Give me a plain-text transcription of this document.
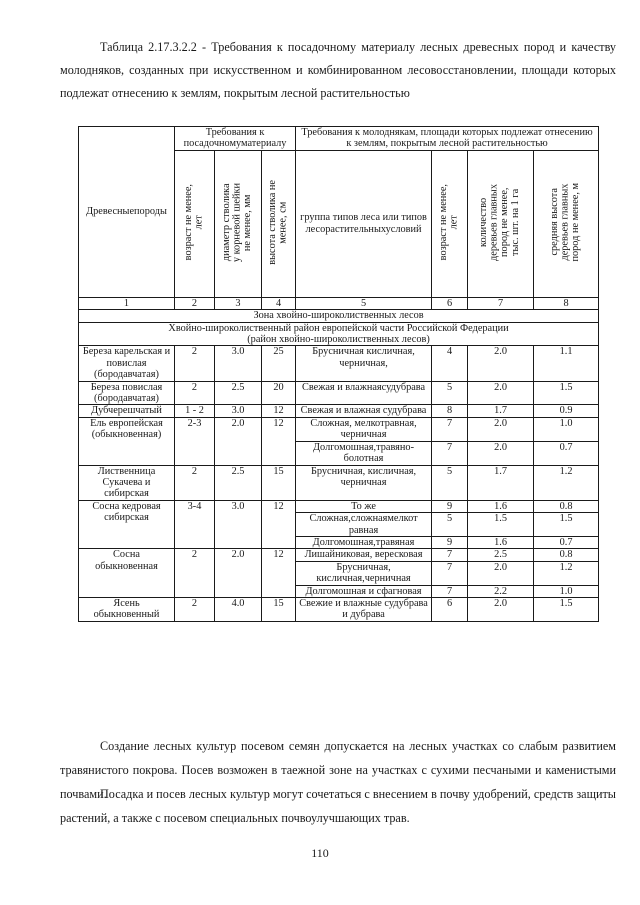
Таблица 2.17.3.2.2 - Требования к посадочному материалу лесных древесных пород и качеству молодняков, созданных при искусственном и комбинированном лесовосстановлении, площади которых подлежат отнесению к землям, покрытым лесной растительностью
Древесныепороды	Требования к посадочномуматериалу			Требования к молоднякам, площади которых подлежат отнесению к землям, покрытым лесной растительностью			
	возраст не менее,
лет	диаметр стволика
у корневой шейки
не менее, мм	высота стволика не
менее, см	группа типов леса или типов лесорастительныхусловий	возраст не менее,
лет	количество
деревьев главных
пород не менее,
тыс. шт. на 1 га	средняя высота
деревьев главных
пород не менее, м
1	2	3	4	5	6	7	8
Зона хвойно-широколиственных лесов							
Хвойно-широколиственный район европейской части Российской Федерации
(район хвойно-широколиственных лесов)							
Береза карельская и повислая (бородавчатая)	2	3.0	25	Брусничная кисличная, черничная,	4	2.0	1.1
Береза повислая (бородавчатая)	2	2.5	20	Свежая и влажнаясудубрава	5	2.0	1.5
Дубчерешчатый	1 - 2	3.0	12	Свежая и влажная судубрава	8	1.7	0.9
Ель европейская (обыкновенная)	2-3	2.0	12	Сложная, мелкотравная, черничная	7	2.0	1.0
				Долгомошная,травяно-болотная	7	2.0	0.7
Лиственница Сукачева и сибирская	2	2.5	15	Брусничная, кисличная, черничная	5	1.7	1.2
Сосна кедровая сибирская	3-4	3.0	12	То же	9	1.6	0.8
				Сложная,сложнаямелкот равная	5	1.5	1.5
				Долгомошная,травяная	9	1.6	0.7
Сосна обыкновенная	2	2.0	12	Лишайниковая, вересковая	7	2.5	0.8
				Брусничная, кисличная,черничная	7	2.0	1.2
				Долгомошная и сфагновая	7	2.2	1.0
Ясень обыкновенный	2	4.0	15	Свежие и влажные судубрава и дубрава	6	2.0	1.5
Создание лесных культур посевом семян допускается на лесных участках со слабым развитием травянистого покрова. Посев возможен в таежной зоне на участках с сухими песчаными и каменистыми почвами.
Посадка и посев лесных культур могут сочетаться с внесением в почву удобрений, средств защиты растений, а также с посевом специальных почвоулучшающих трав.
110
